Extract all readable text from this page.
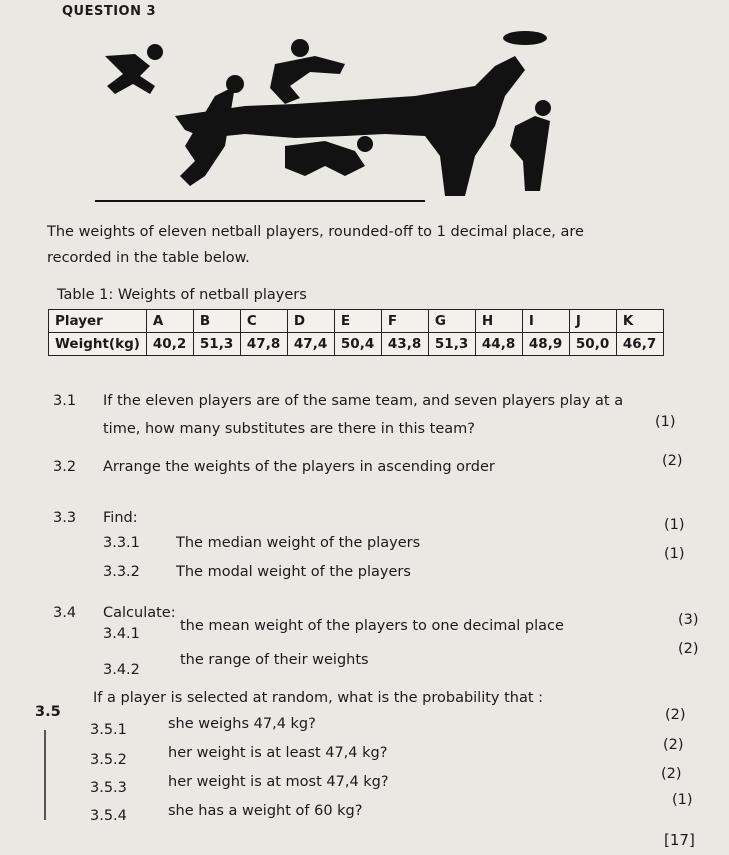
QUESTION 3
The weights of eleven netball players, rounded-off to 1 decimal place, are
recorded in the table below.
Table 1: Weights of netball players
Player	A	B	C	D	E	F	G	H	I	J	K
Weight(kg)	40,2	51,3	47,8	47,4	50,4	43,8	51,3	44,8	48,9	50,0	46,7
3.1 If the eleven players are of the same team, and seven players play at a
time, how many substitutes are there in this team?	(1)
3.2 Arrange the weights of the players in ascending order	(2)
3.3 Find:
3.3.1 The median weight of the players
(1)
3.3.2 The modal weight of the players
(1)
3.4 Calculate:
3.4.1	the mean weight of the players to one decimal place	(3)
3.4.2
the range of their weights
(2)
3.5
If a player is selected at random, what is the probability that :
3.5.1	she weighs 47,4 kg?
(2)
3.5.2	her weight is at least 47,4 kg?	(2)
3.5.3	her weight is at most 47,4 kg?	(2)
3.5.4	she has a weight of 60 kg?
(1)
[17]
